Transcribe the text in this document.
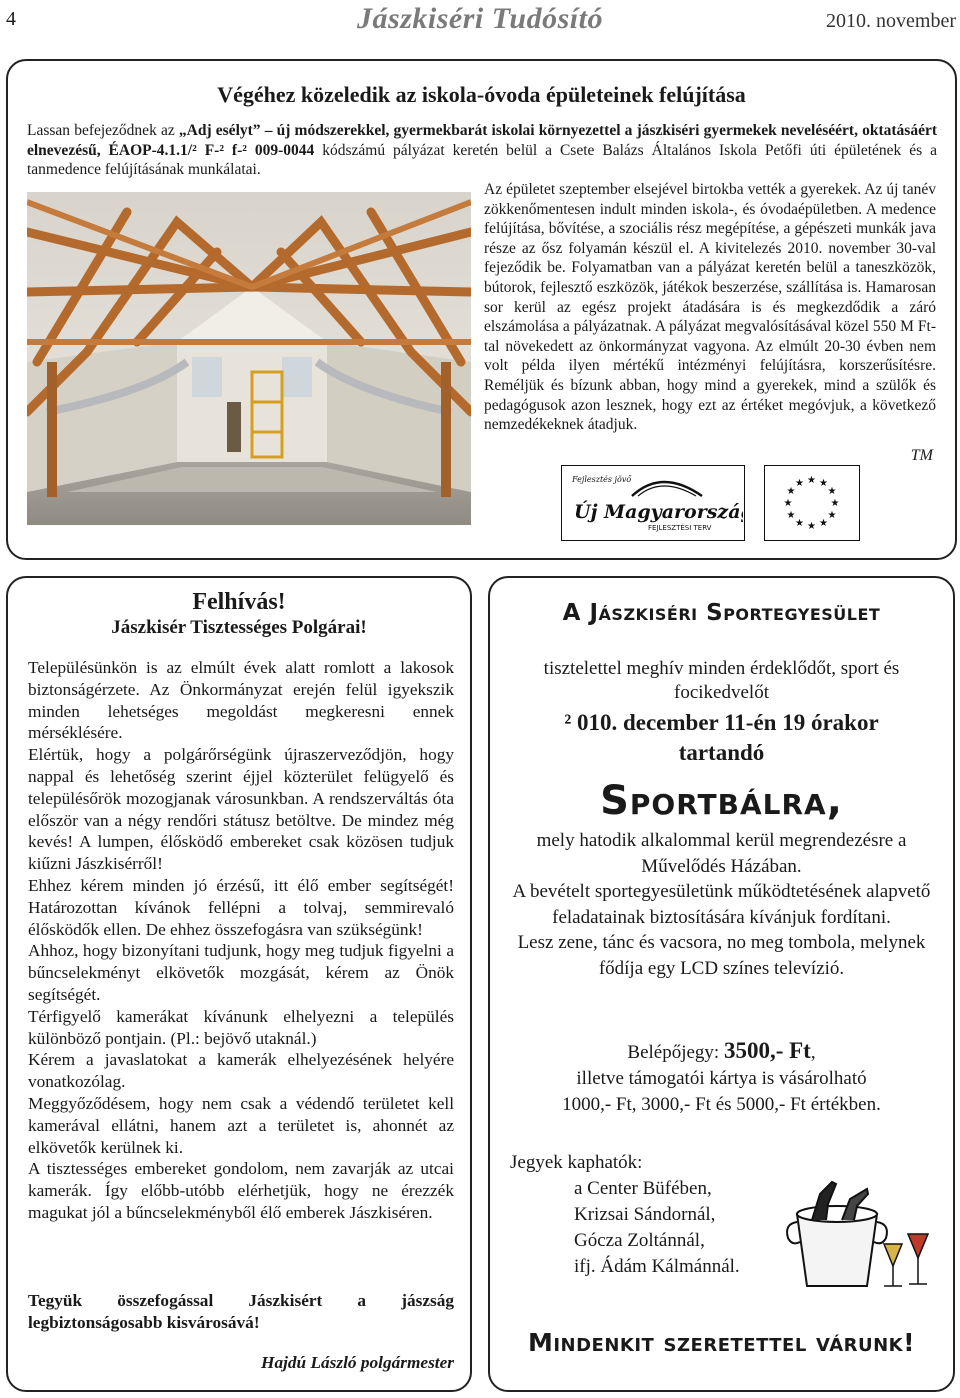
4	Jászkiséri Tudósító	2010. november
Végéhez közeledik az iskola-óvoda épületeinek felújítása
Lassan befejeződnek az „Adj esélyt” – új módszerekkel, gyermekbarát iskolai környezettel a jászkiséri gyermekek neveléséért, oktatásáért elnevezésű, ÉAOP-4.1.1/² F-² f-² 009-0044 kódszámú pályázat keretén belül a Csete Balázs Általános Iskola Petőfi úti épületének és a tanmedence felújításának munkálatai.

Az épületet szeptember elsejével birtokba vették a gyerekek. Az új tanév zökkenőmentesen indult minden iskola-, és óvodaépületben. A medence felújítása, bővítése, a szociális rész megépítése, a gépészeti munkák java része az ősz folyamán készül el. A kivitelezés 2010. november 30-val fejeződik be. Folyamatban van a pályázat keretén belül a taneszközök, bútorok, fejlesztő eszközök, játékok beszerzése, szállítása is. Hamarosan sor kerül az egész projekt átadására is és megkezdődik a záró elszámolása a pályázatnak. A pályázat megvalósításával közel 550 M Ft-tal növekedett az önkormányzat vagyona. Az elmúlt 20-30 évben nem volt példa ilyen mértékű intézményi felújításra, korszerűsítésre. Reméljük és bízunk abban, hogy mind a gyerekek, mind a szülők és pedagógusok azon lesznek, hogy ezt az értéket megóvjuk, a következő nemzedékeknek átadjuk.

TM
Fejlesztés jövő
Új Magyarország
FEJLESZTÉSI TERV
★ ★
★
★
★
★
★
★
★
★
★
★
Felhívás!
Jászkisér Tisztességes Polgárai!

Településünkön is az elmúlt évek alatt romlott a lakosok biztonságérzete. Az Önkormányzat erején felül igyekszik minden lehetséges megoldást megkeresni ennek mérséklésére.

Elértük, hogy a polgárőrségünk újraszerveződjön, hogy nappal és lehetőség szerint éjjel közterület felügyelő és településőrök mozogjanak városunkban. A rendszerváltás óta először van a négy rendőri státusz betöltve. De mindez még kevés! A lumpen, élősködő embereket csak közösen tudjuk kiűzni Jászkisérről!

Ehhez kérem minden jó érzésű, itt élő ember segítségét! Határozottan kívánok fellépni a tolvaj, semmirevaló élősködők ellen. De ehhez összefogásra van szükségünk!

Ahhoz, hogy bizonyítani tudjunk, hogy meg tudjuk figyelni a bűncselekményt elkövetők mozgását, kérem az Önök segítségét.

Térfigyelő kamerákat kívánunk elhelyezni a település különböző pontjain. (Pl.: bejövő utaknál.)

Kérem a javaslatokat a kamerák elhelyezésének helyére vonatkozólag.

Meggyőződésem, hogy nem csak a védendő területet kell kamerával ellátni, hanem azt a területet is, ahonnét az elkövetők kerülnek ki.

A tisztességes embereket gondolom, nem zavarják az utcai kamerák. Így előbb-utóbb elérhetjük, hogy ne érezzék magukat jól a bűncselekményből élő emberek Jászkiséren.

Tegyük összefogással Jászkisért a jászság legbiztonságosabb kisvárosává!
Hajdú László polgármester
A Jászkiséri Sportegyesület
tisztelettel meghív minden érdeklődőt, sport és focikedvelőt
² 010. december 11-én 19 órakor
tartandó
Sportbálra,

mely hatodik alkalommal kerül megrendezésre a Művelődés Házában.

A bevételt sportegyesületünk működtetésének alapvető feladatainak biztosítására kívánjuk fordítani.

Lesz zene, tánc és vacsora, no meg tombola, melynek fődíja egy LCD színes televízió.

Belépőjegy: 3500,- Ft,
illetve támogatói kártya is vásárolható
1000,- Ft, 3000,- Ft és 5000,- Ft értékben.
Jegyek kaphatók:
a Center Büfében,
Krizsai Sándornál,
Gócza Zoltánnál,
ifj. Ádám Kálmánnál.
Mindenkit szeretettel várunk!
